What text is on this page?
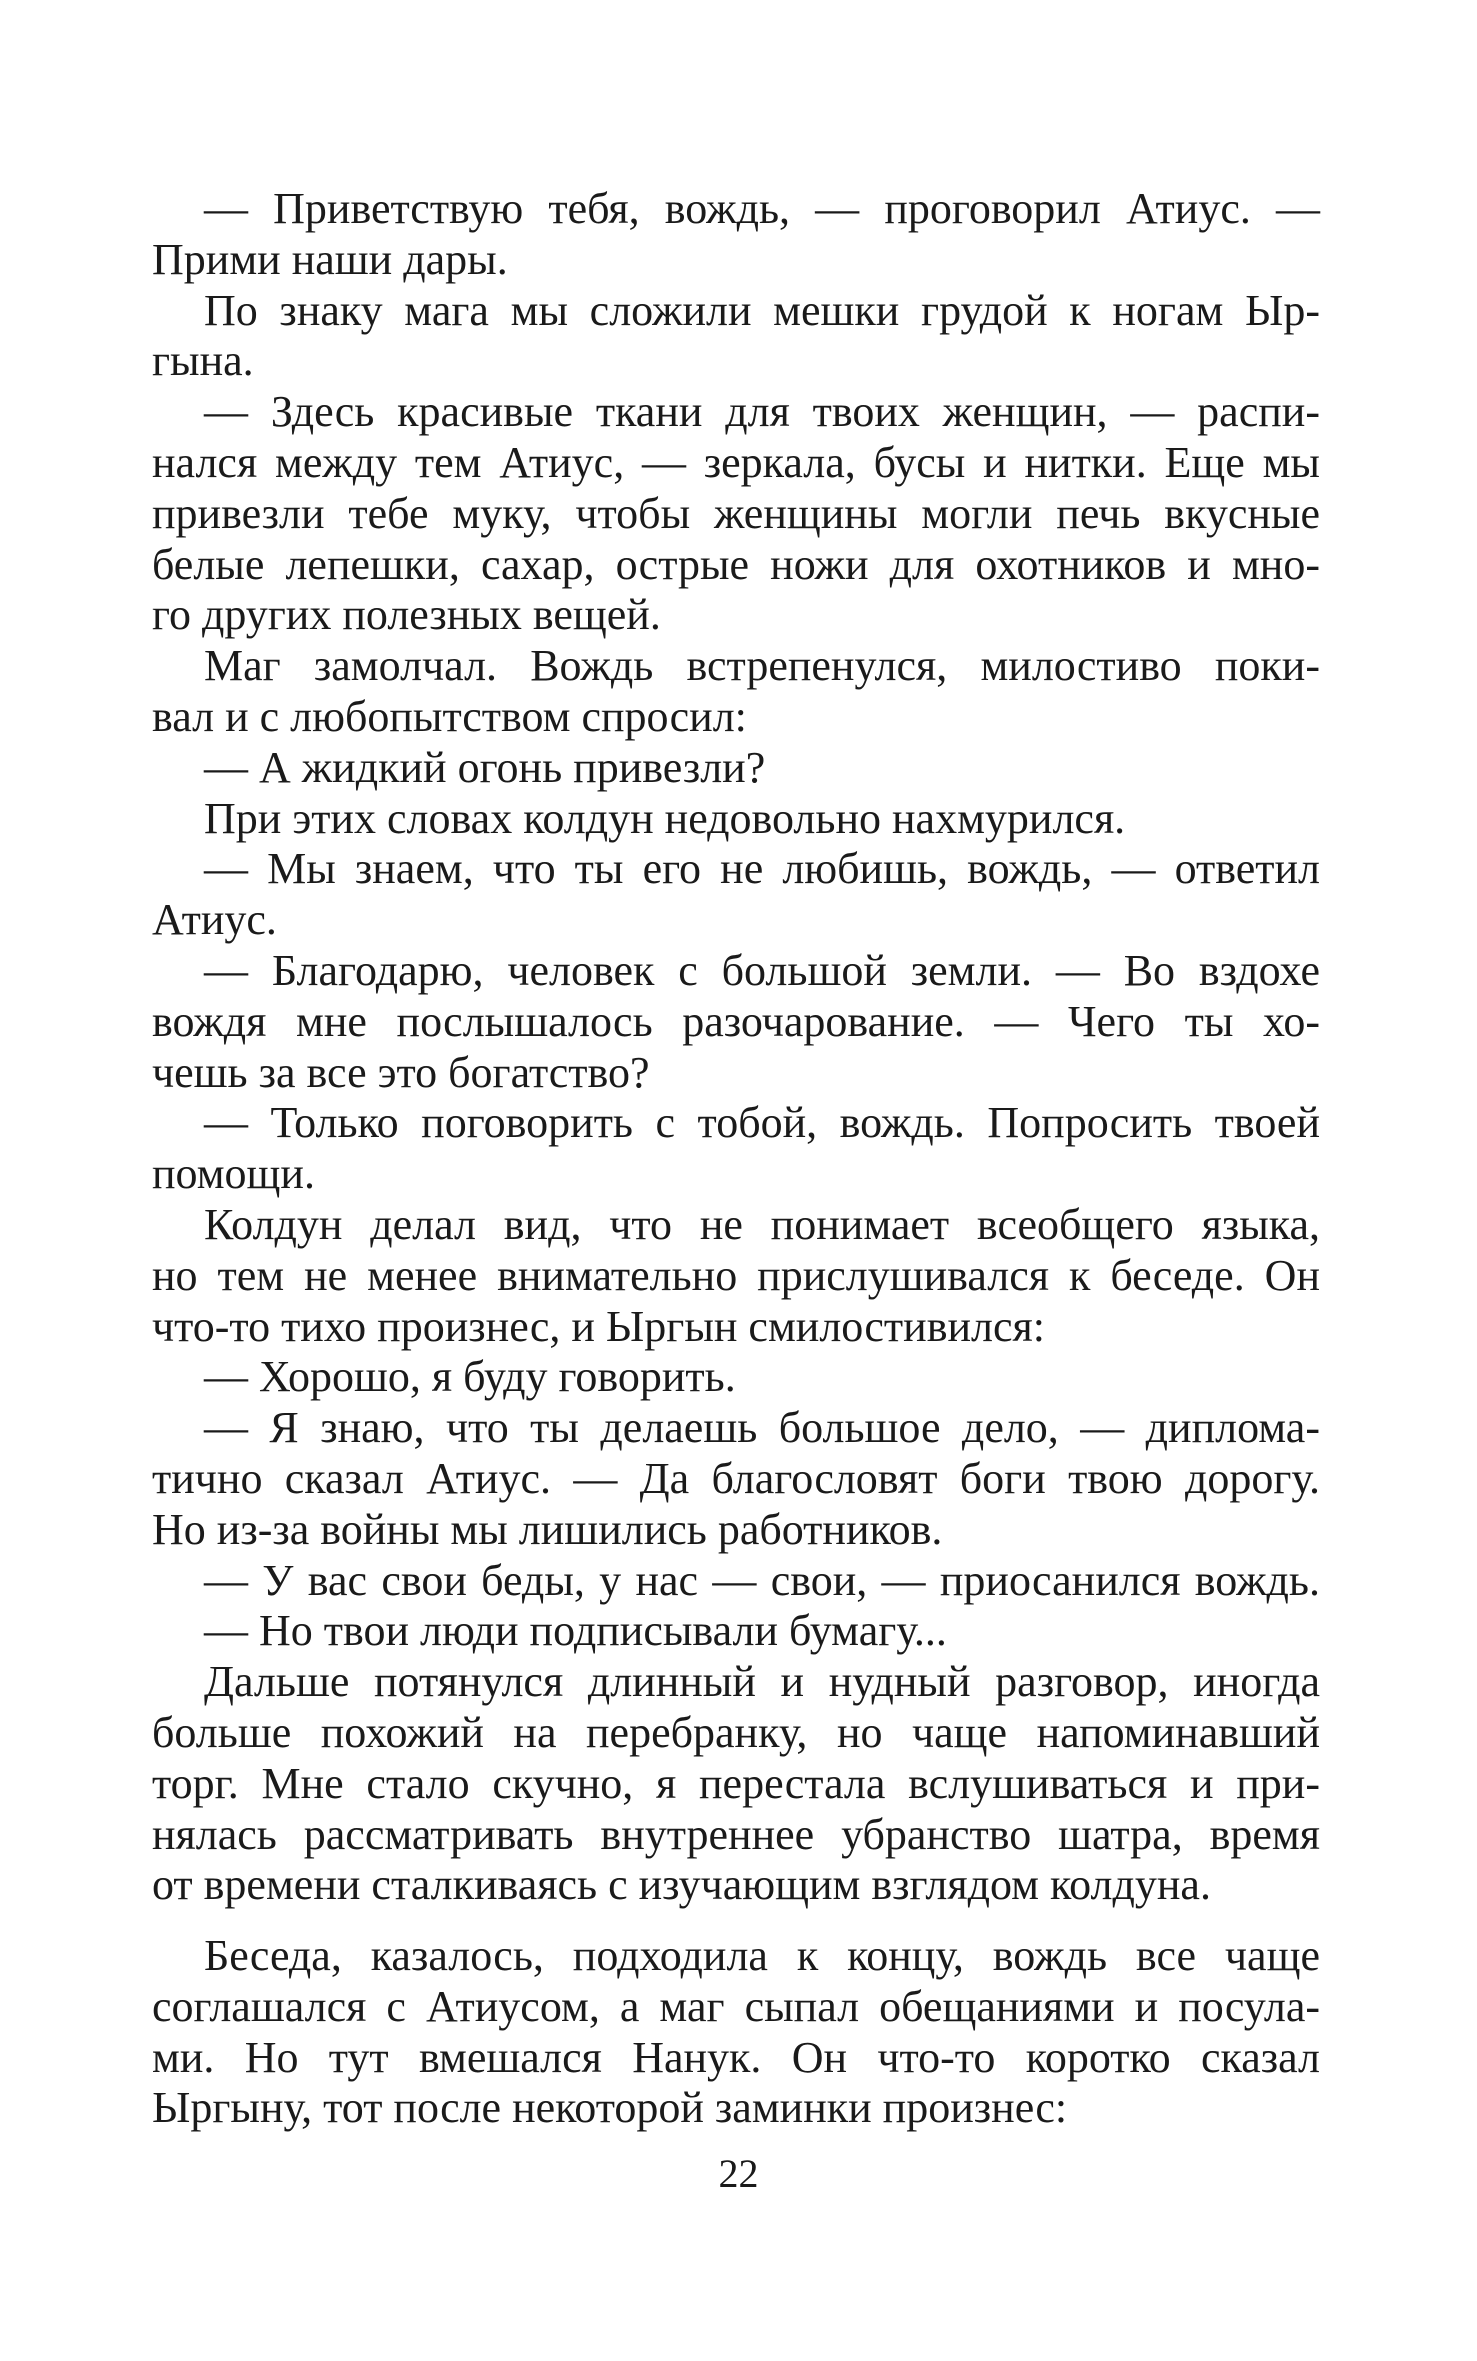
— Приветствую тебя, вождь, — проговорил Атиус. —
Прими наши дары.
По знаку мага мы сложили мешки грудой к ногам Ыр-
гына.
— Здесь красивые ткани для твоих женщин, — распи-
нался между тем Атиус, — зеркала, бусы и нитки. Еще мы
привезли тебе муку, чтобы женщины могли печь вкусные
белые лепешки, сахар, острые ножи для охотников и мно-
го других полезных вещей.
Маг замолчал. Вождь встрепенулся, милостиво поки-
вал и с любопытством спросил:
— А жидкий огонь привезли?
При этих словах колдун недовольно нахмурился.
— Мы знаем, что ты его не любишь, вождь, — ответил
Атиус.
— Благодарю, человек с большой земли. — Во вздохе
вождя мне послышалось разочарование. — Чего ты хо-
чешь за все это богатство?
— Только поговорить с тобой, вождь. Попросить твоей
помощи.
Колдун делал вид, что не понимает всеобщего языка,
но тем не менее внимательно прислушивался к беседе. Он
что-то тихо произнес, и Ыргын смилостивился:
— Хорошо, я буду говорить.
— Я знаю, что ты делаешь большое дело, — диплома-
тично сказал Атиус. — Да благословят боги твою дорогу.
Но из-за войны мы лишились работников.
— У вас свои беды, у нас — свои, — приосанился вождь.
— Но твои люди подписывали бумагу...
Дальше потянулся длинный и нудный разговор, иногда
больше похожий на перебранку, но чаще напоминавший
торг. Мне стало скучно, я перестала вслушиваться и при-
нялась рассматривать внутреннее убранство шатра, время
от времени сталкиваясь с изучающим взглядом колдуна.
Беседа, казалось, подходила к концу, вождь все чаще
соглашался с Атиусом, а маг сыпал обещаниями и посула-
ми. Но тут вмешался Нанук. Он что-то коротко сказал
Ыргыну, тот после некоторой заминки произнес:
22
